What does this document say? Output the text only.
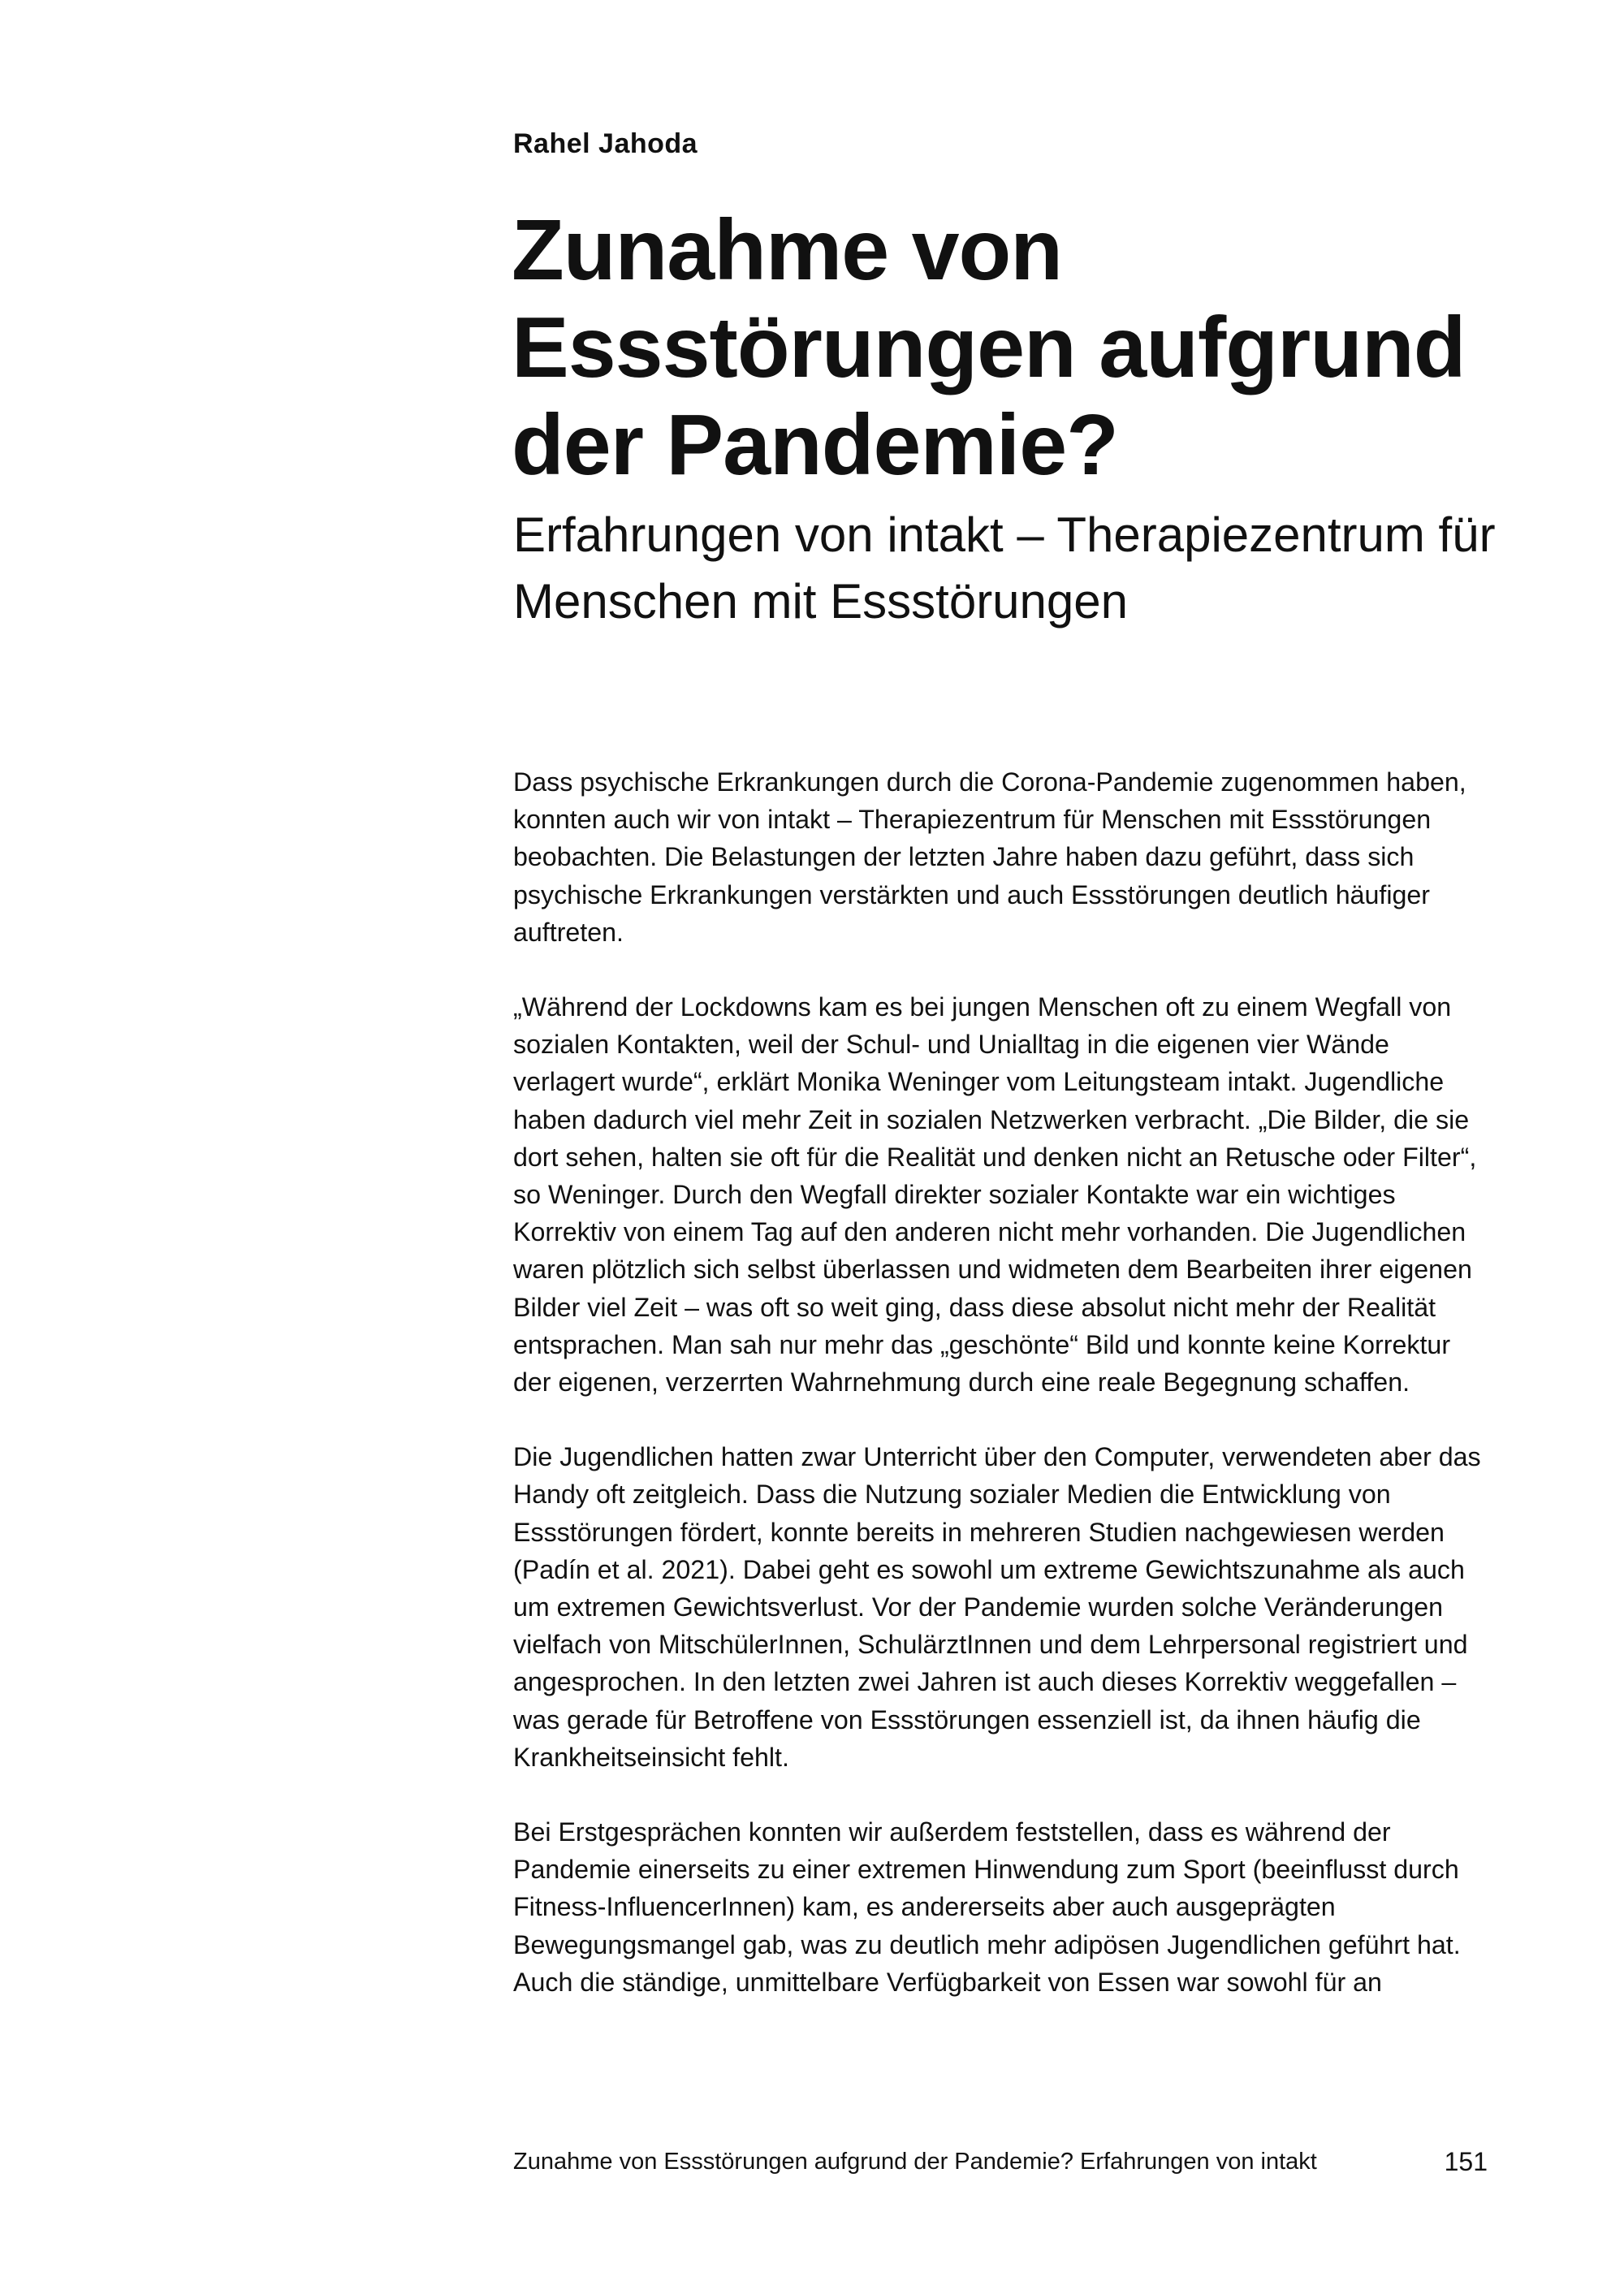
Rahel Jahoda

Zunahme von Essstörungen aufgrund der Pandemie?
Erfahrungen von intakt – Therapiezentrum für Menschen mit Essstörungen

Dass psychische Erkrankungen durch die Corona-Pandemie zugenommen haben, konnten auch wir von intakt – Therapiezentrum für Menschen mit Essstörungen beobachten. Die Belastungen der letzten Jahre haben dazu geführt, dass sich psychische Erkrankungen verstärkten und auch Essstörungen deutlich häufiger auftreten.

„Während der Lockdowns kam es bei jungen Menschen oft zu einem Wegfall von sozialen Kontakten, weil der Schul- und Unialltag in die eigenen vier Wände verlagert wurde“, erklärt Monika Weninger vom Leitungsteam intakt. Jugendliche haben dadurch viel mehr Zeit in sozialen Netzwerken verbracht. „Die Bilder, die sie dort sehen, halten sie oft für die Realität und denken nicht an Retusche oder Filter“, so Weninger. Durch den Wegfall direkter sozialer Kontakte war ein wichtiges Korrektiv von einem Tag auf den anderen nicht mehr vorhanden. Die Jugendlichen waren plötzlich sich selbst überlassen und widmeten dem Bearbeiten ihrer eigenen Bilder viel Zeit – was oft so weit ging, dass diese absolut nicht mehr der Realität entsprachen. Man sah nur mehr das „geschönte“ Bild und konnte keine Korrektur der eigenen, verzerrten Wahrnehmung durch eine reale Begegnung schaffen.

Die Jugendlichen hatten zwar Unterricht über den Computer, verwendeten aber das Handy oft zeitgleich. Dass die Nutzung sozialer Medien die Entwicklung von Essstörungen fördert, konnte bereits in mehreren Studien nachgewiesen werden (Padín et al. 2021). Dabei geht es sowohl um extreme Gewichtszunahme als auch um extremen Gewichtsverlust. Vor der Pandemie wurden solche Veränderungen vielfach von MitschülerInnen, SchulärztInnen und dem Lehrpersonal registriert und angesprochen. In den letzten zwei Jahren ist auch dieses Korrektiv weggefallen – was gerade für Betroffene von Essstörungen essenziell ist, da ihnen häufig die Krankheitseinsicht fehlt.

Bei Erstgesprächen konnten wir außerdem feststellen, dass es während der Pandemie einerseits zu einer extremen Hinwendung zum Sport (beeinflusst durch Fitness-InfluencerInnen) kam, es andererseits aber auch ausgeprägten Bewegungsmangel gab, was zu deutlich mehr adipösen Jugendlichen geführt hat. Auch die ständige, unmittelbare Verfügbarkeit von Essen war sowohl für an

Zunahme von Essstörungen aufgrund der Pandemie? Erfahrungen von intakt	151
